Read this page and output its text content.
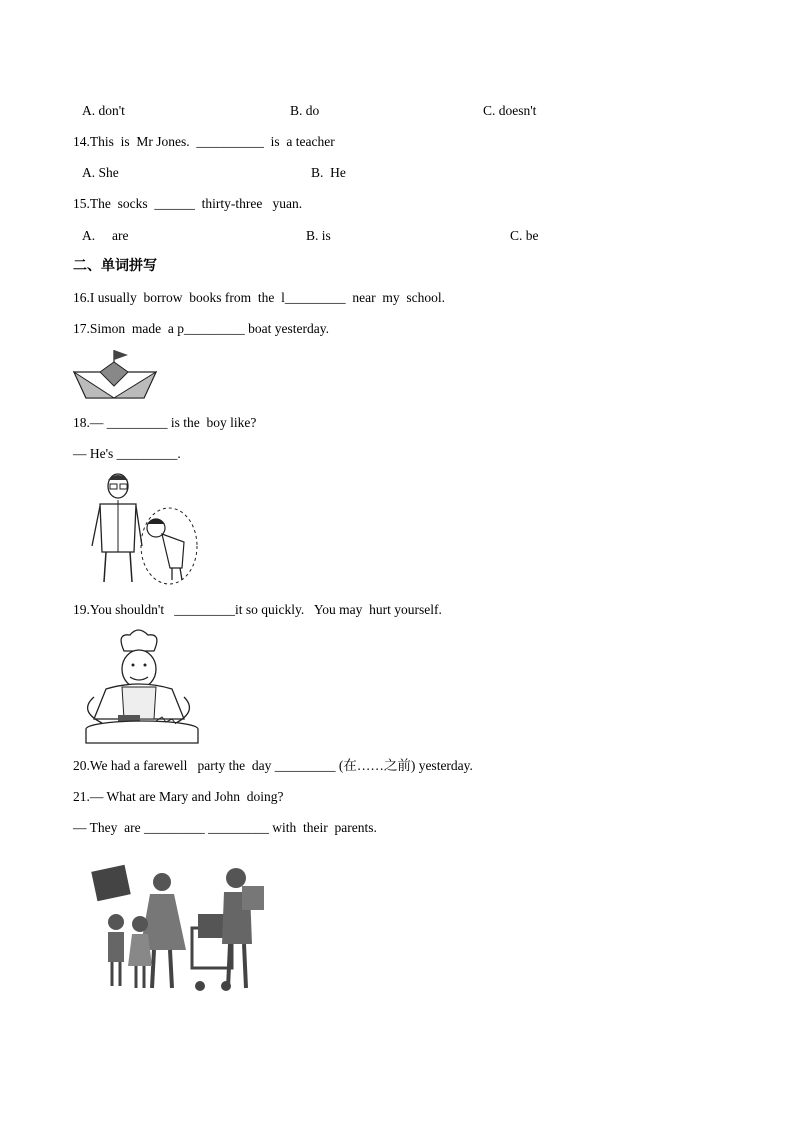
A. don't	B. do	C. doesn't
14.This  is  Mr Jones.  __________  is  a teacher
A. She	B.  He
15.The  socks  ______  thirty-three   yuan.
A.     are	B. is	C. be
二、单词拼写
16.I usually  borrow  books from  the  l_________  near  my  school.
17.Simon  made  a p_________ boat yesterday.
18.— _________ is the  boy like?
— He's _________.
19.You shouldn't   _________it so quickly.   You may  hurt yourself.
20.We had a farewell   party the  day _________ (在……之前) yesterday.
21.— What are Mary and John  doing?
— They  are _________ _________ with  their  parents.
